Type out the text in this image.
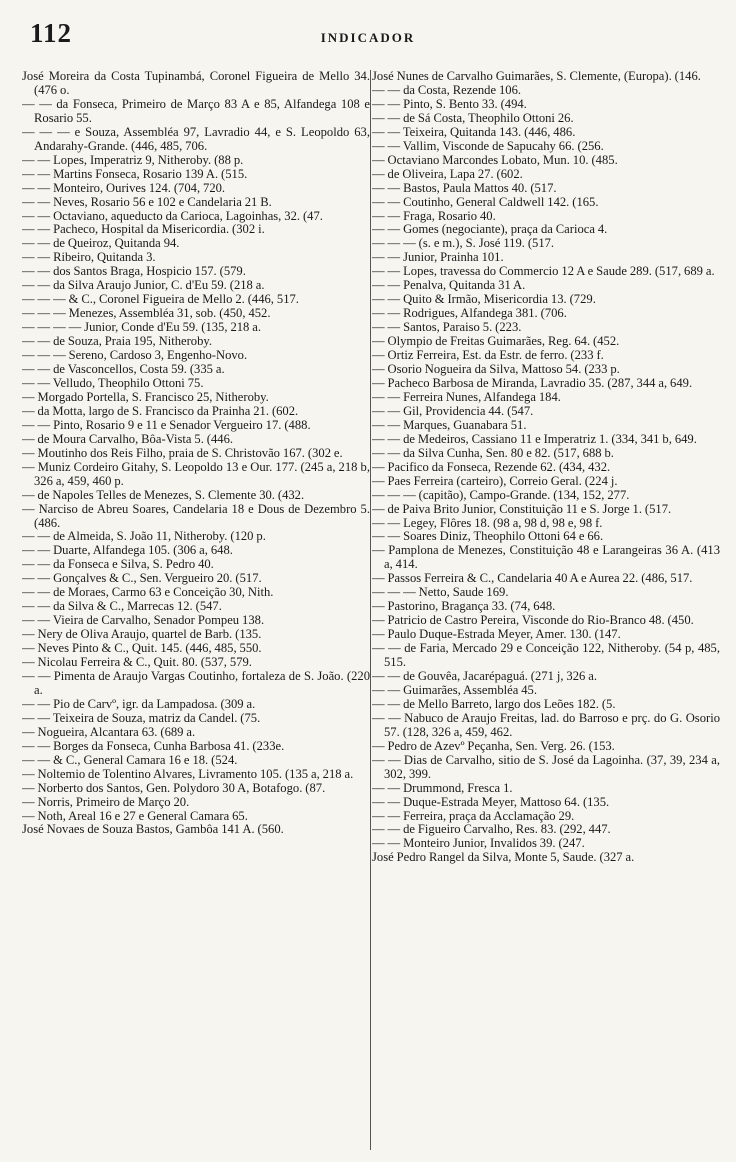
112	INDICADOR

José Moreira da Costa Tupinambá, Coronel Figueira de Mello 34. (476 o.

— — da Fonseca, Primeiro de Março 83 A e 85, Alfandega 108 e Rosario 55.

— — — e Souza, Assembléa 97, Lavradio 44, e S. Leopoldo 63, Andarahy-Grande. (446, 485, 706.

— — Lopes, Imperatriz 9, Nitheroby. (88 p.

— — Martins Fonseca, Rosario 139 A. (515.

— — Monteiro, Ourives 124. (704, 720.

— — Neves, Rosario 56 e 102 e Candelaria 21 B.

— — Octaviano, aqueducto da Carioca, Lagoinhas, 32. (47.

— — Pacheco, Hospital da Misericordia. (302 i.

— — de Queiroz, Quitanda 94.

— — Ribeiro, Quitanda 3.

— — dos Santos Braga, Hospicio 157. (579.

— — da Silva Araujo Junior, C. d'Eu 59. (218 a.

— — — & C., Coronel Figueira de Mello 2. (446, 517.

— — — Menezes, Assembléa 31, sob. (450, 452.

— — — — Junior, Conde d'Eu 59. (135, 218 a.

— — de Souza, Praia 195, Nitheroby.

— — — Sereno, Cardoso 3, Engenho-Novo.

— — de Vasconcellos, Costa 59. (335 a.

— — Velludo, Theophilo Ottoni 75.

— Morgado Portella, S. Francisco 25, Nitheroby.

— da Motta, largo de S. Francisco da Prainha 21. (602.

— — Pinto, Rosario 9 e 11 e Senador Vergueiro 17. (488.

— de Moura Carvalho, Bôa-Vista 5. (446.

— Moutinho dos Reis Filho, praia de S. Christovão 167. (302 e.

— Muniz Cordeiro Gitahy, S. Leopoldo 13 e Our. 177. (245 a, 218 b, 326 a, 459, 460 p.

— de Napoles Telles de Menezes, S. Clemente 30. (432.

— Narciso de Abreu Soares, Candelaria 18 e Dous de Dezembro 5. (486.

— — de Almeida, S. João 11, Nitheroby. (120 p.

— — Duarte, Alfandega 105. (306 a, 648.

— — da Fonseca e Silva, S. Pedro 40.

— — Gonçalves & C., Sen. Vergueiro 20. (517.

— — de Moraes, Carmo 63 e Conceição 30, Nith.

— — da Silva & C., Marrecas 12. (547.

— — Vieira de Carvalho, Senador Pompeu 138.

— Nery de Oliva Araujo, quartel de Barb. (135.

— Neves Pinto & C., Quit. 145. (446, 485, 550.

— Nicolau Ferreira & C., Quit. 80. (537, 579.

— — Pimenta de Araujo Vargas Coutinho, fortaleza de S. João. (220 a.

— — Pio de Carvº, igr. da Lampadosa. (309 a.

— — Teixeira de Souza, matriz da Candel. (75.

— Nogueira, Alcantara 63. (689 a.

— — Borges da Fonseca, Cunha Barbosa 41. (233e.

— — & C., General Camara 16 e 18. (524.

— Noltemio de Tolentino Alvares, Livramento 105. (135 a, 218 a.

— Norberto dos Santos, Gen. Polydoro 30 A, Botafogo. (87.

— Norris, Primeiro de Março 20.

— Noth, Areal 16 e 27 e General Camara 65.

José Novaes de Souza Bastos, Gambôa 141 A. (560.

José Nunes de Carvalho Guimarães, S. Clemente, (Europa). (146.

— — da Costa, Rezende 106.

— — Pinto, S. Bento 33. (494.

— — de Sá Costa, Theophilo Ottoni 26.

— — Teixeira, Quitanda 143. (446, 486.

— — Vallim, Visconde de Sapucahy 66. (256.

— Octaviano Marcondes Lobato, Mun. 10. (485.

— de Oliveira, Lapa 27. (602.

— — Bastos, Paula Mattos 40. (517.

— — Coutinho, General Caldwell 142. (165.

— — Fraga, Rosario 40.

— — Gomes (negociante), praça da Carioca 4.

— — — (s. e m.), S. José 119. (517.

— — Junior, Prainha 101.

— — Lopes, travessa do Commercio 12 A e Saude 289. (517, 689 a.

— — Penalva, Quitanda 31 A.

— — Quito & Irmão, Misericordia 13. (729.

— — Rodrigues, Alfandega 381. (706.

— — Santos, Paraiso 5. (223.

— Olympio de Freitas Guimarães, Reg. 64. (452.

— Ortiz Ferreira, Est. da Estr. de ferro. (233 f.

— Osorio Nogueira da Silva, Mattoso 54. (233 p.

— Pacheco Barbosa de Miranda, Lavradio 35. (287, 344 a, 649.

— — Ferreira Nunes, Alfandega 184.

— — Gil, Providencia 44. (547.

— — Marques, Guanabara 51.

— — de Medeiros, Cassiano 11 e Imperatriz 1. (334, 341 b, 649.

— — da Silva Cunha, Sen. 80 e 82. (517, 688 b.

— Pacifico da Fonseca, Rezende 62. (434, 432.

— Paes Ferreira (carteiro), Correio Geral. (224 j.

— — — (capitão), Campo-Grande. (134, 152, 277.

— de Paiva Brito Junior, Constituição 11 e S. Jorge 1. (517.

— — Legey, Flôres 18. (98 a, 98 d, 98 e, 98 f.

— — Soares Diniz, Theophilo Ottoni 64 e 66.

— Pamplona de Menezes, Constituição 48 e Larangeiras 36 A. (413 a, 414.

— Passos Ferreira & C., Candelaria 40 A e Aurea 22. (486, 517.

— — — Netto, Saude 169.

— Pastorino, Bragança 33. (74, 648.

— Patricio de Castro Pereira, Visconde do Rio-Branco 48. (450.

— Paulo Duque-Estrada Meyer, Amer. 130. (147.

— — de Faria, Mercado 29 e Conceição 122, Nitheroby. (54 p, 485, 515.

— — de Gouvêa, Jacarépaguá. (271 j, 326 a.

— — Guimarães, Assembléa 45.

— — de Mello Barreto, largo dos Leões 182. (5.

— — Nabuco de Araujo Freitas, lad. do Barroso e prç. do G. Osorio 57. (128, 326 a, 459, 462.

— Pedro de Azevº Peçanha, Sen. Verg. 26. (153.

— — Dias de Carvalho, sitio de S. José da Lagoinha. (37, 39, 234 a, 302, 399.

— — Drummond, Fresca 1.

— — Duque-Estrada Meyer, Mattoso 64. (135.

— — Ferreira, praça da Acclamação 29.

— — de Figueiro Carvalho, Res. 83. (292, 447.

— — Monteiro Junior, Invalidos 39. (247.

José Pedro Rangel da Silva, Monte 5, Saude. (327 a.
